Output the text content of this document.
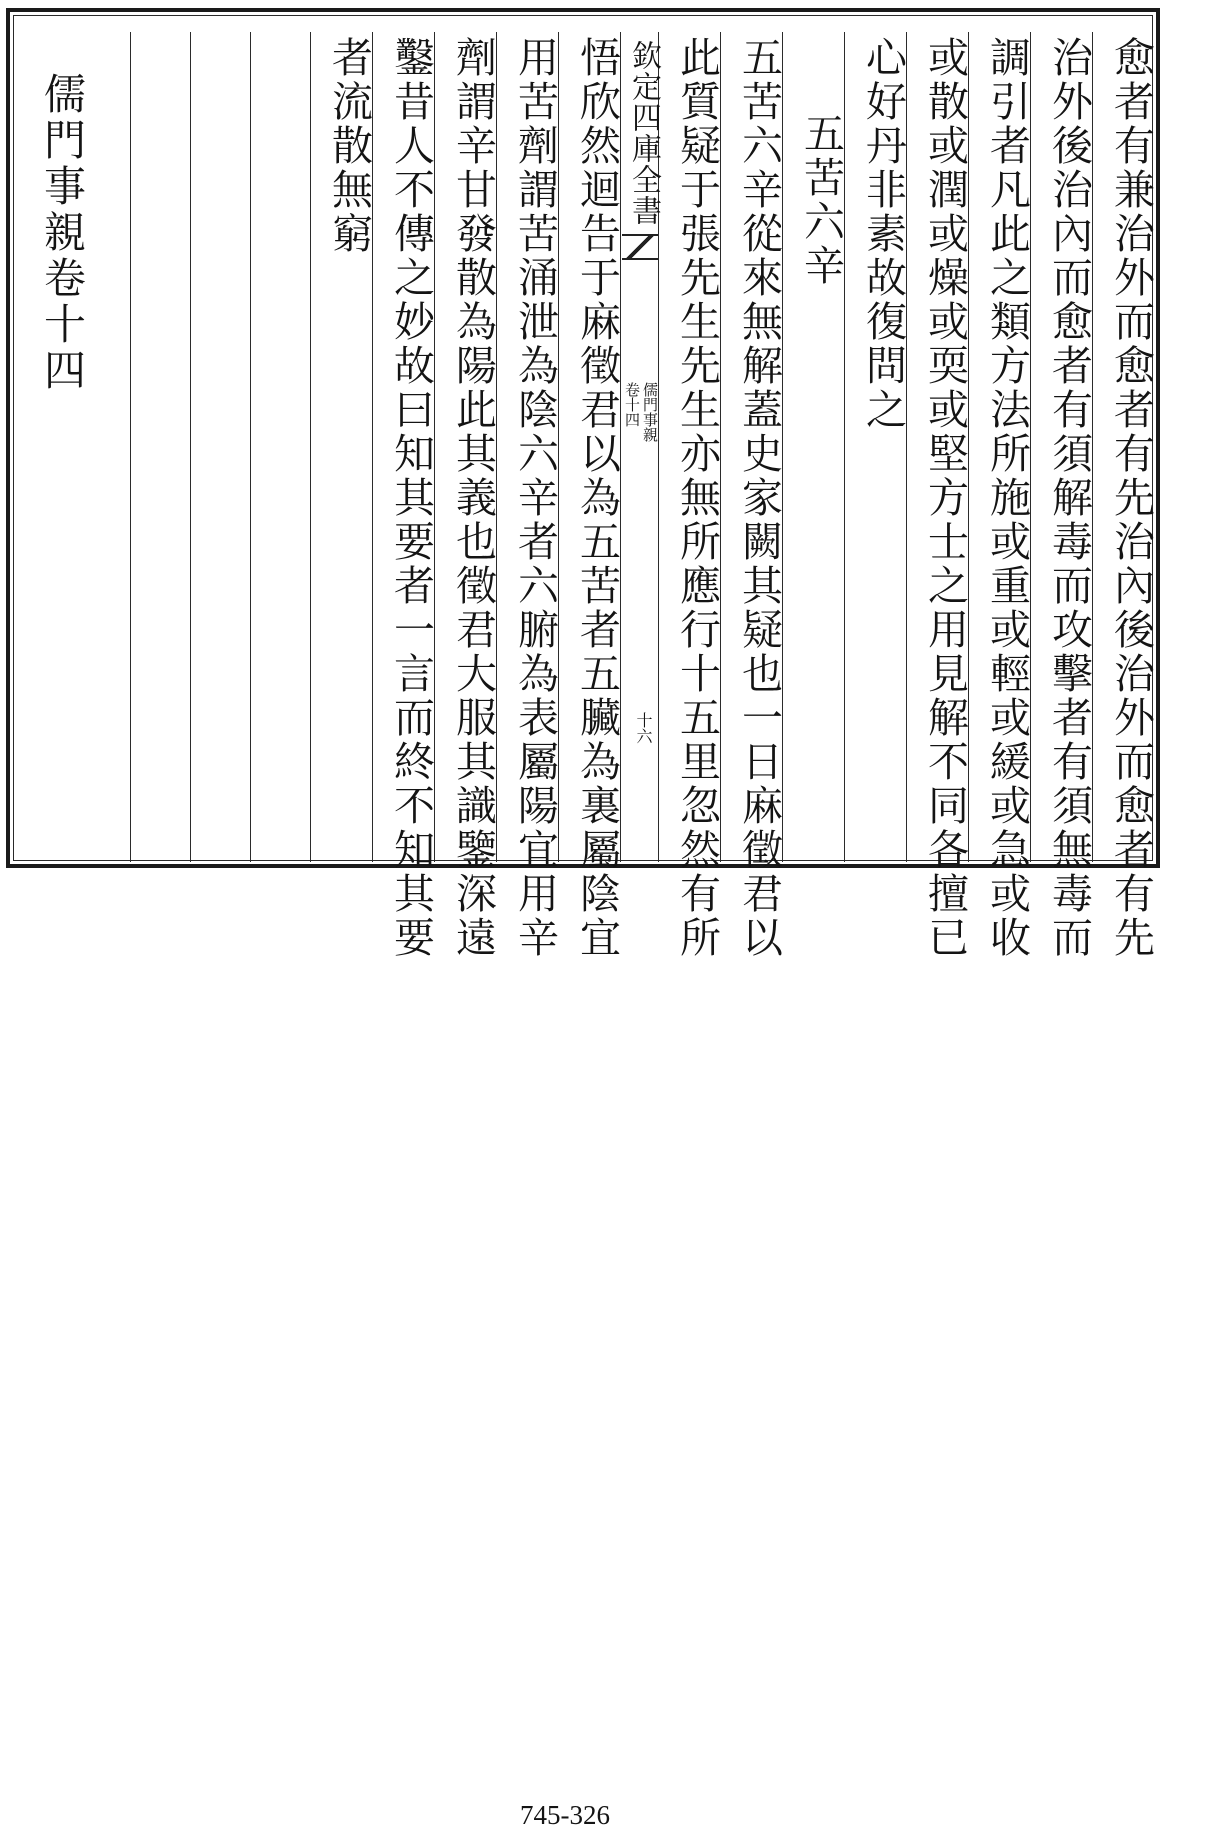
愈者有兼治外而愈者有先治內後治外而愈者有先
治外後治內而愈者有須解毒而攻擊者有須無毒而
調引者凡此之類方法所施或重或輕或緩或急或收
或散或潤或燥或耎或堅方士之用見解不同各擅已
心好丹非素故復問之
五苦六辛
五苦六辛從來無解蓋史家闕其疑也一日麻徵君以
此質疑于張先生先生亦無所應行十五里忽然有所
欽定四庫全書
儒門事親
卷十四
十六
悟欣然迴告于麻徵君以為五苦者五臟為裏屬陰宜
用苦劑謂苦涌泄為陰六辛者六腑為表屬陽宜用辛
劑謂辛甘發散為陽此其義也徵君大服其識鑒深遠
鑿昔人不傳之妙故曰知其要者一言而終不知其要
者流散無窮
儒門事親卷十四
745-326
